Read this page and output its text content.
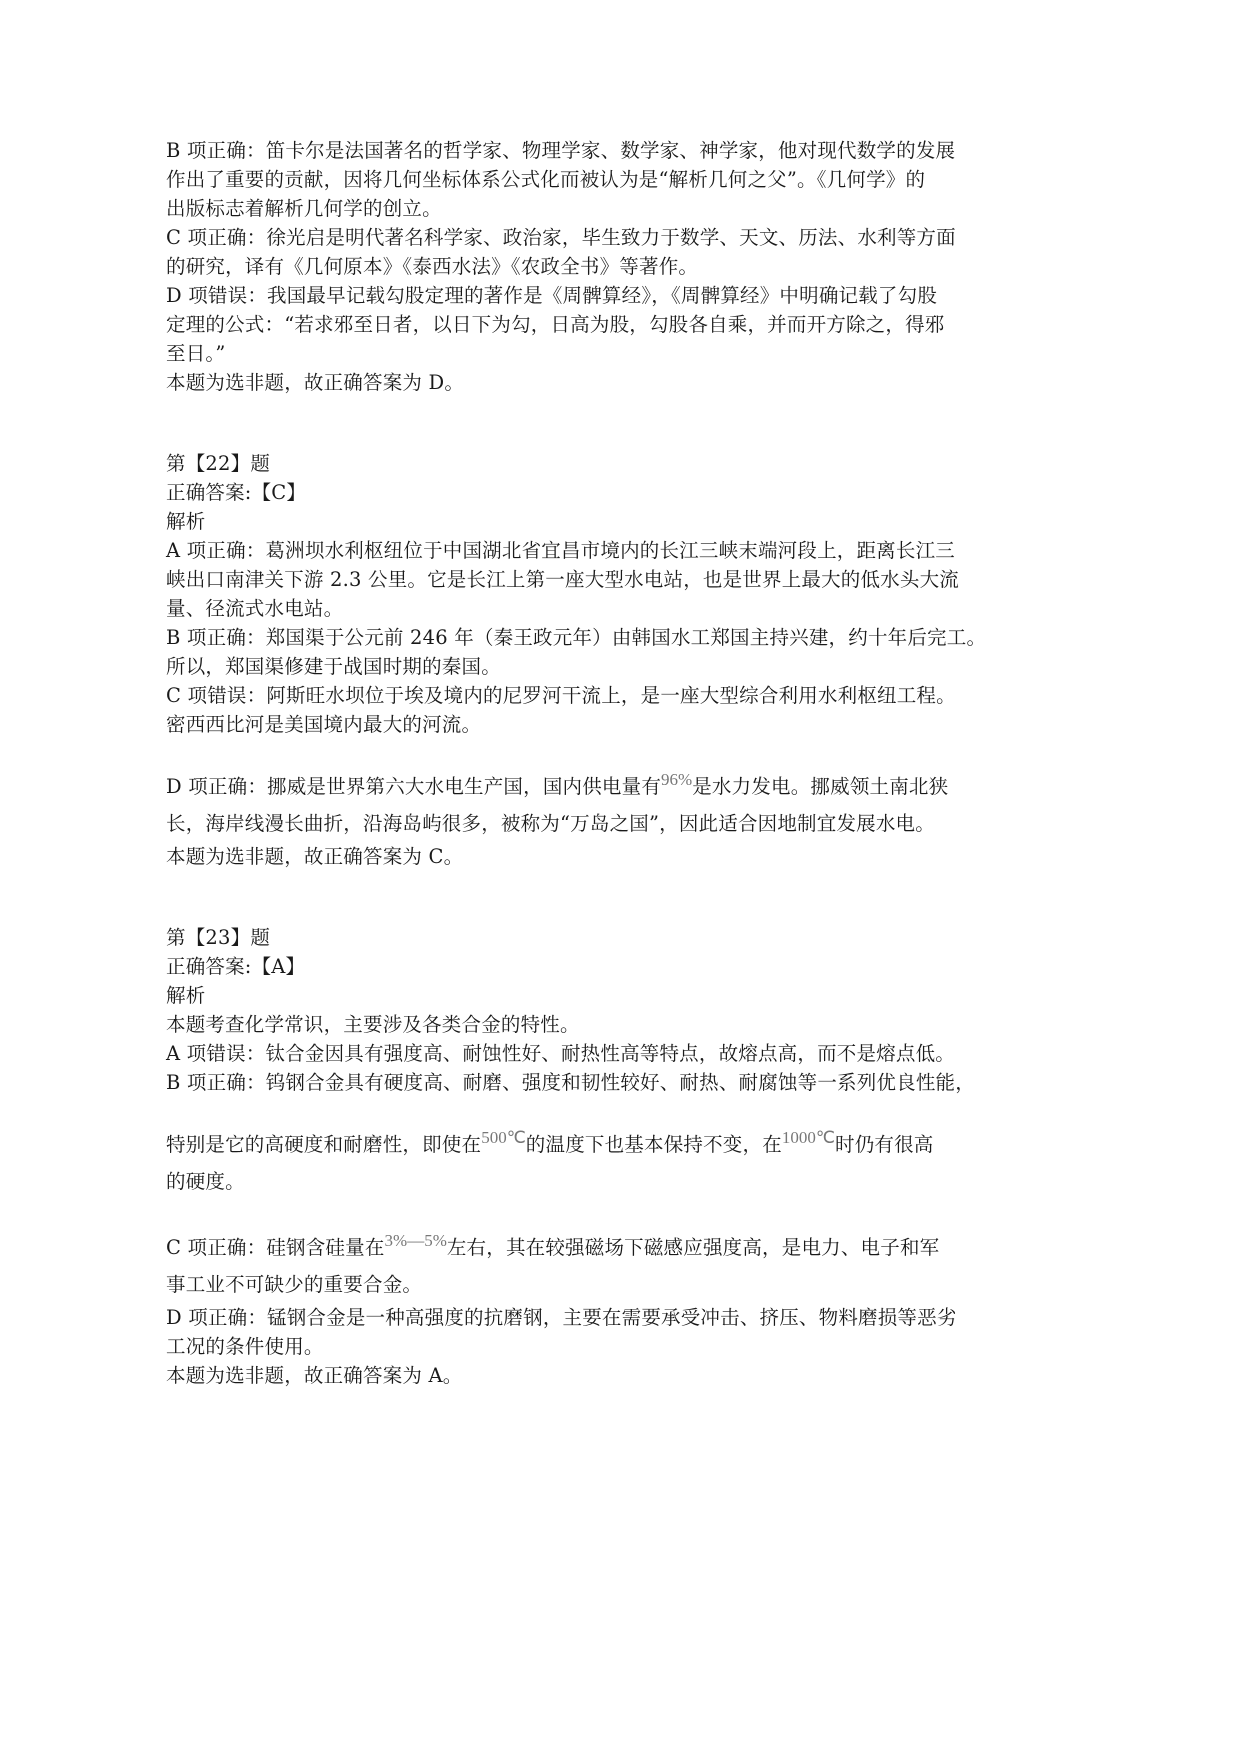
B 项正确：笛卡尔是法国著名的哲学家、物理学家、数学家、神学家，他对现代数学的发展
作出了重要的贡献，因将几何坐标体系公式化而被认为是“解析几何之父”。《几何学》的
出版标志着解析几何学的创立。
C 项正确：徐光启是明代著名科学家、政治家，毕生致力于数学、天文、历法、水利等方面
的研究，译有《几何原本》《泰西水法》《农政全书》等著作。
D 项错误：我国最早记载勾股定理的著作是《周髀算经》，《周髀算经》中明确记载了勾股
定理的公式：“若求邪至日者，以日下为勾，日高为股，勾股各自乘，并而开方除之，得邪
至日。”
本题为选非题，故正确答案为 D。
第【22】题
正确答案:【C】
解析
A 项正确：葛洲坝水利枢纽位于中国湖北省宜昌市境内的长江三峡末端河段上，距离长江三
峡出口南津关下游 2.3 公里。它是长江上第一座大型水电站，也是世界上最大的低水头大流
量、径流式水电站。
B 项正确：郑国渠于公元前 246 年（秦王政元年）由韩国水工郑国主持兴建，约十年后完工。
所以，郑国渠修建于战国时期的秦国。
C 项错误：阿斯旺水坝位于埃及境内的尼罗河干流上，是一座大型综合利用水利枢纽工程。
密西西比河是美国境内最大的河流。
D 项正确：挪威是世界第六大水电生产国，国内供电量有96%是水力发电。挪威领土南北狭
长，海岸线漫长曲折，沿海岛屿很多，被称为“万岛之国”，因此适合因地制宜发展水电。
本题为选非题，故正确答案为 C。
第【23】题
正确答案:【A】
解析
本题考查化学常识，主要涉及各类合金的特性。
A 项错误：钛合金因具有强度高、耐蚀性好、耐热性高等特点，故熔点高，而不是熔点低。
B 项正确：钨钢合金具有硬度高、耐磨、强度和韧性较好、耐热、耐腐蚀等一系列优良性能，
特别是它的高硬度和耐磨性，即使在500℃的温度下也基本保持不变，在1000℃时仍有很高
的硬度。
C 项正确：硅钢含硅量在3%—5%左右，其在较强磁场下磁感应强度高，是电力、电子和军
事工业不可缺少的重要合金。
D 项正确：锰钢合金是一种高强度的抗磨钢，主要在需要承受冲击、挤压、物料磨损等恶劣
工况的条件使用。
本题为选非题，故正确答案为 A。
